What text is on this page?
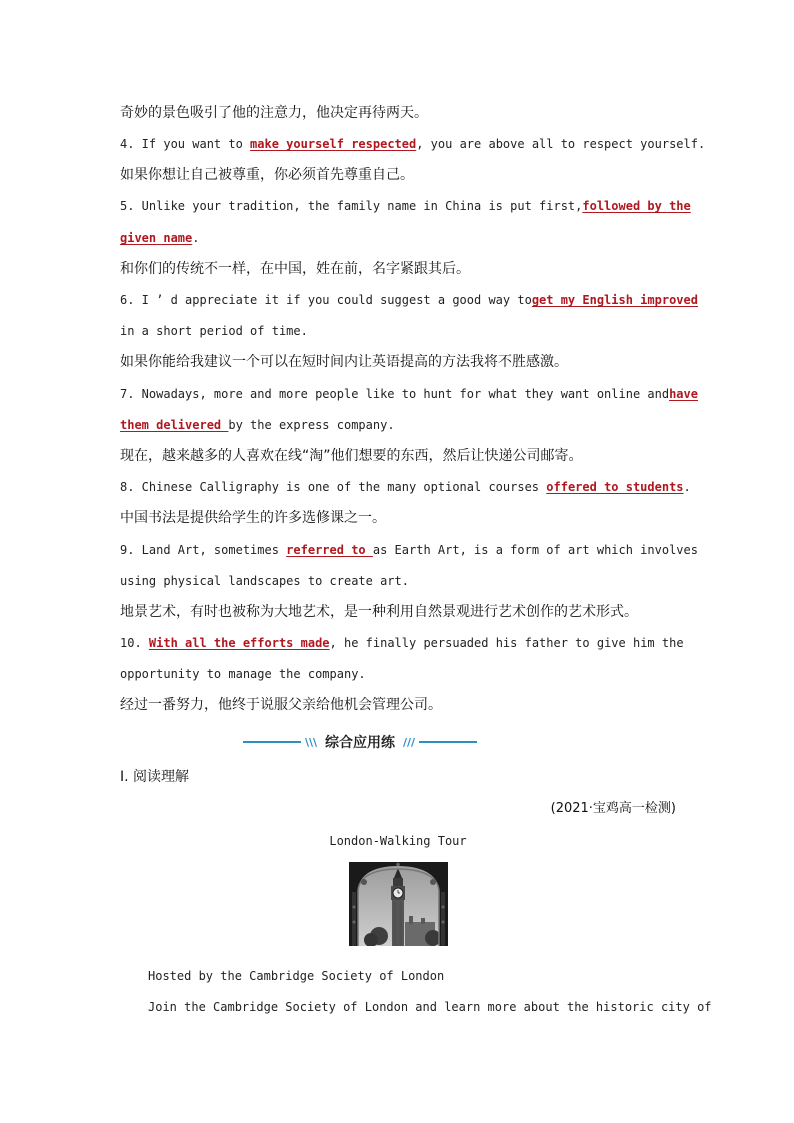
奇妙的景色吸引了他的注意力，他决定再待两天。
4. If you want to make yourself respected, you are above all to respect yourself.
如果你想让自己被尊重，你必须首先尊重自己。
5. Unlike your tradition, the family name in China is put first, followed by the
given name.
和你们的传统不一样，在中国，姓在前，名字紧跟其后。
6. I ’ d appreciate it if you could suggest a good way to get my English improved
in a short period of time.
如果你能给我建议一个可以在短时间内让英语提高的方法我将不胜感激。
7. Nowadays, more and more people like to hunt for what they want online and have
them delivered by the express company.
现在，越来越多的人喜欢在线“淘”他们想要的东西，然后让快递公司邮寄。
8. Chinese Calligraphy is one of the many optional courses offered to students.
中国书法是提供给学生的许多选修课之一。
9. Land Art, sometimes referred to as Earth Art, is a form of art which involves
using physical landscapes to create art.
地景艺术，有时也被称为大地艺术，是一种利用自然景观进行艺术创作的艺术形式。
10. With all the efforts made, he finally persuaded his father to give him the
opportunity to manage the company.
经过一番努力，他终于说服父亲给他机会管理公司。
Ⅰ. 阅读理解
(2021·宝鸡高一检测)
London-Walking Tour
Hosted by the Cambridge Society of London
Join the Cambridge Society of London and learn more about the historic city of
\\\ 综合应用练 ///
